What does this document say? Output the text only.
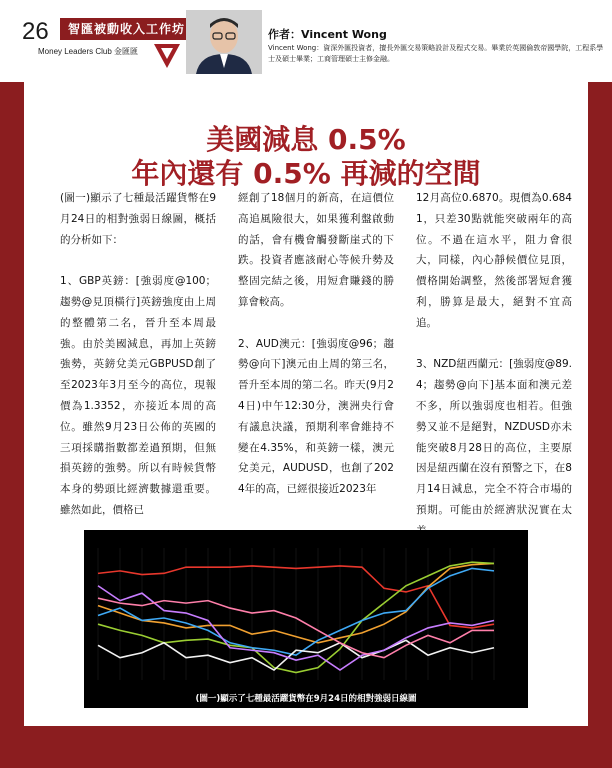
26	智匯被動收入工作坊
Money Leaders Club 金匯匯
作者：Vincent Wong
Vincent Wong：資深外匯投資者，擅長外匯交易策略設計及程式交易。畢業於英國倫敦帝國學院，工程系學士及碩士畢業；工商管理碩士主修金融。
美國減息 0.5%
年內還有 0.5% 再減的空間
(圖一)顯示了七種最活躍貨幣在9月24日的相對強弱日線圖，概括的分析如下：

1、GBP英鎊：[強弱度@100；趨勢@見頂橫行]英鎊強度由上周的整體第二名，晉升至本周最強。由於美國減息，再加上英鎊強勢，英鎊兌美元GBPUSD創了至2023年3月至今的高位，現報價為1.3352，亦接近本周的高位。雖然9月23日公佈的英國的三項採購指數都差過預期，但無損英鎊的強勢。所以有時候貨幣本身的勢頭比經濟數據還重要。雖然如此，價格已
經創了18個月的新高，在這價位高追風險很大，如果獲利盤啟動的話，會有機會觸發斷崖式的下跌。投資者應該耐心等候升勢及整固完結之後，用短倉賺錢的勝算會較高。

2、AUD澳元：[強弱度@96；趨勢@向下]澳元由上周的第三名，晉升至本周的第二名。昨天(9月24日)中午12:30分，澳洲央行會有議息決議，預期利率會維持不變在4.35%，和英鎊一樣，澳元兌美元，AUDUSD，也創了2024年的高，已經很接近2023年
12月高位0.6870。現價為0.6841，只差30點就能突破兩年的高位。不過在這水平，阻力會很大，同樣，內心靜候價位見頂，價格開始調整，然後部署短倉獲利，勝算是最大，絕對不宜高追。

3、NZD紐西蘭元：[強弱度@89.4；趨勢@向下]基本面和澳元差不多，所以強弱度也相若。但強勢又並不是絕對，NZDUSD亦未能突破8月28日的高位，主要原因是紐西蘭在沒有預警之下，在8月14日減息，完全不符合市場的預期。可能由於經濟狀況實在太
(圖一)顯示了七種最活躍貨幣在9月24日的相對強弱日線圖
